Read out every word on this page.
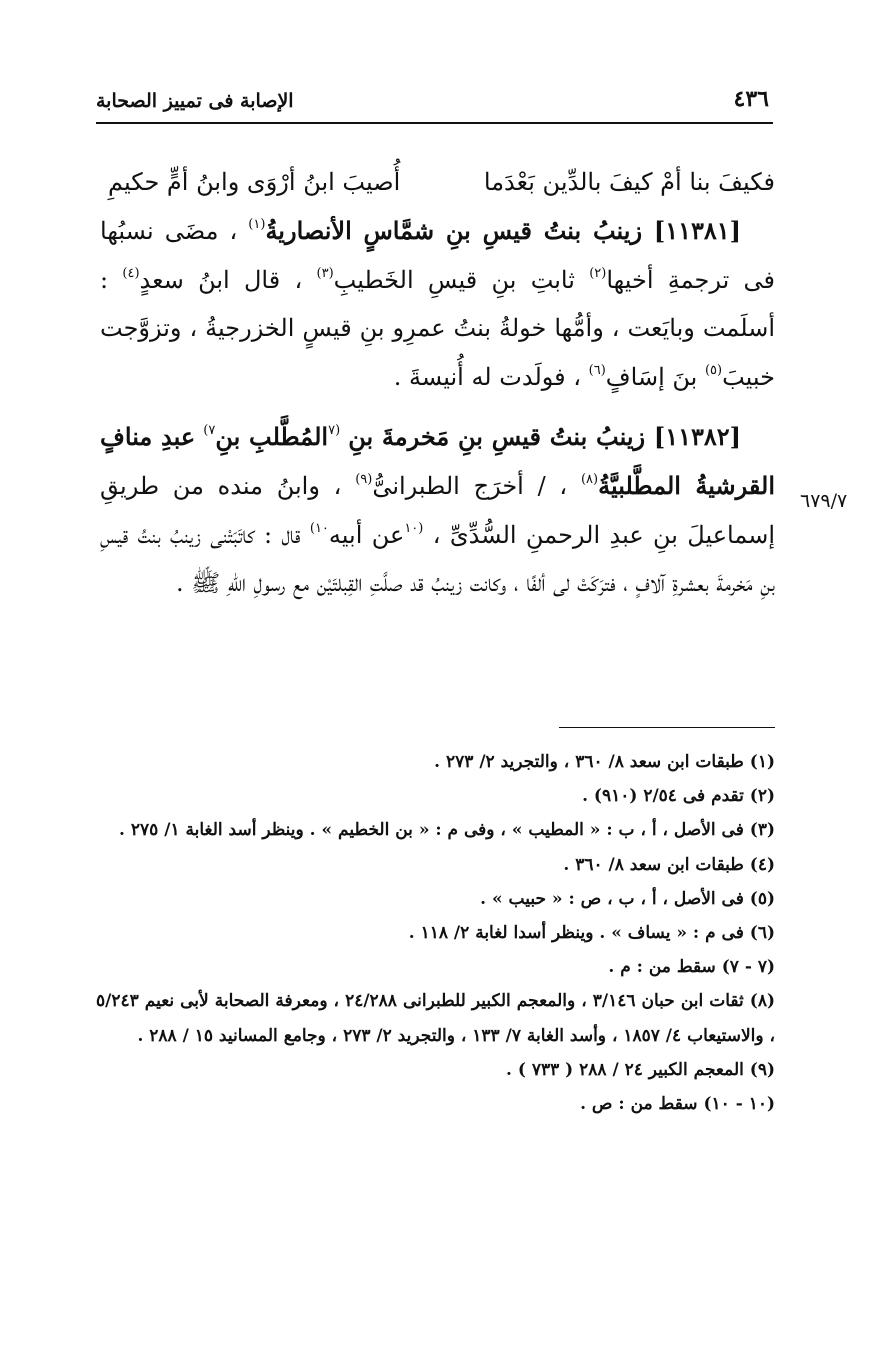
٤٣٦
الإصابة فى تمييز الصحابة
فكيفَ بنا أمْ كيفَ بالدِّين بَعْدَما
أُصيبَ ابنُ أرْوَى وابنُ أمٍّ حكيمِ

[١١٣٨١] زينبُ بنتُ قيسِ بنِ شمَّاسٍ الأنصاريةُ$^{(١)}$ ، مضَى نسبُها فى ترجمةِ أخيها$^{(٢)}$ ثابتِ بنِ قيسِ الخَطيبِ$^{(٣)}$ ، قال ابنُ سعدٍ$^{(٤)}$ : أسلَمت وبايَعت ، وأمُّها خولةُ بنتُ عمرِو بنِ قيسٍ الخزرجيةُ ، وتزوَّجت خبيبَ$^{(٥)}$ بنَ إسَافٍ$^{(٦)}$ ، فولَدت له أُنيسةَ .

[١١٣٨٢] زينبُ بنتُ قيسِ بنِ مَخرمةَ بنِ $^{(٧}$المُطَّلبِ بنِ$^{٧)}$ عبدِ منافٍ القرشيةُ المطَّلبيَّةُ$^{(٨)}$ ، / أخرَج الطبرانىُّ$^{(٩)}$ ، وابنُ منده من طريقِ إسماعيلَ بنِ عبدِ الرحمنِ السُّدِّىِّ ، $^{(١٠}$عن أبيه$^{١٠)}$ قال : كاتَبَتْنى زينبُ بنتُ قيسِ بنِ مَخرمةَ بعشرةِ آلافٍ ، فترَكَتْ لى ألفًا ، وكانت زينبُ قد صلَّتِ القِبلتَيْن مع رسولِ اللهِ ﷺ .

٦٧٩/٧

(١) طبقات ابن سعد ٨/ ٣٦٠ ، والتجريد ٢/ ٢٧٣ .

(٢) تقدم فى ٢/٥٤ (٩١٠) .

(٣) فى الأصل ، أ ، ب : « المطيب » ، وفى م : « بن الخطيم » . وينظر أسد الغابة ١/ ٢٧٥ .

(٤) طبقات ابن سعد ٨/ ٣٦٠ .

(٥) فى الأصل ، أ ، ب ، ص : « حبيب » .

(٦) فى م : « يساف » . وينظر أسدا لغابة ٢/ ١١٨ .

(٧ - ٧) سقط من : م .

(٨) ثقات ابن حبان ٣/١٤٦ ، والمعجم الكبير للطبرانى ٢٤/٢٨٨ ، ومعرفة الصحابة لأبى نعيم ٥/٢٤٣ ، والاستيعاب ٤/ ١٨٥٧ ، وأسد الغابة ٧/ ١٣٣ ، والتجريد ٢/ ٢٧٣ ، وجامع المسانيد ١٥ / ٢٨٨ .

(٩) المعجم الكبير ٢٤ / ٢٨٨ ( ٧٣٣ ) .

(١٠ - ١٠) سقط من : ص .
